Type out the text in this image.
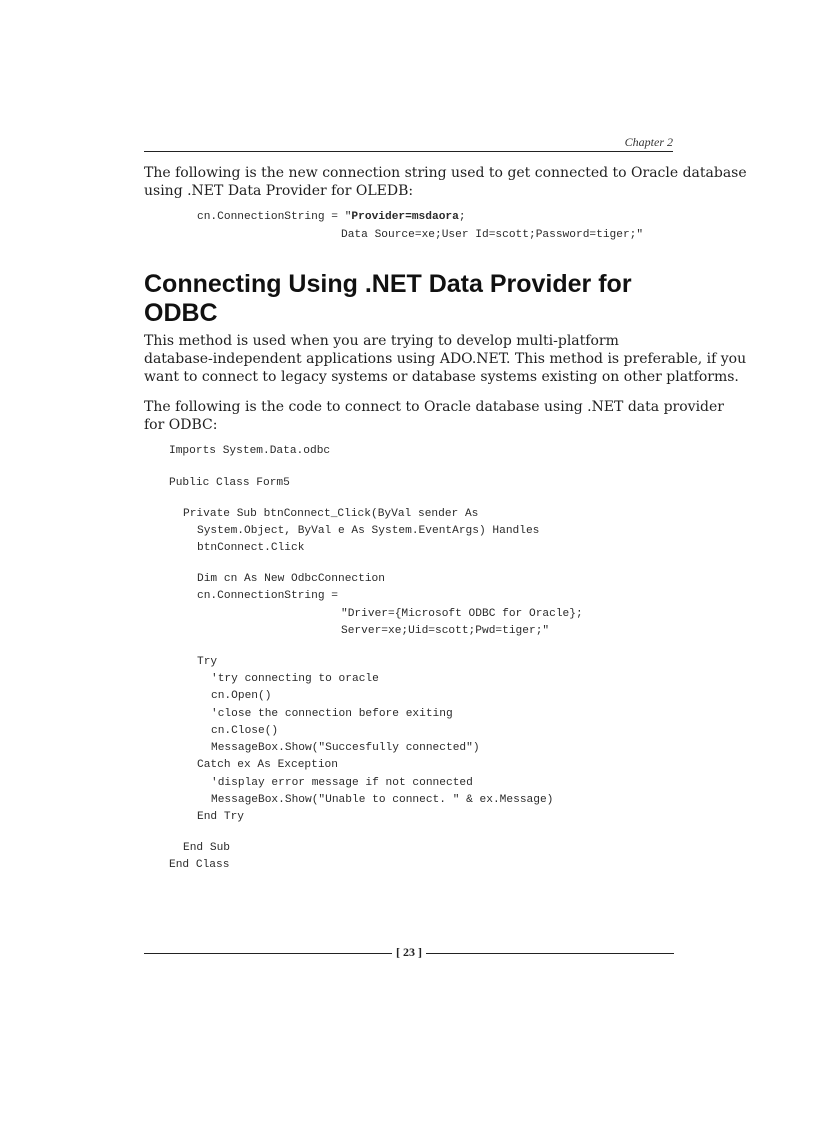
Chapter 2

The following is the new connection string used to get connected to Oracle database
using .NET Data Provider for OLEDB:

cn.ConnectionString = "Provider=msdaora;
Data Source=xe;User Id=scott;Password=tiger;"
Connecting Using .NET Data Provider for
ODBC

This method is used when you are trying to develop multi-platform
database-independent applications using ADO.NET. This method is preferable, if you
want to connect to legacy systems or database systems existing on other platforms.

The following is the code to connect to Oracle database using .NET data provider
for ODBC:

Imports System.Data.odbc
Public Class Form5
Private Sub btnConnect_Click(ByVal sender As
System.Object, ByVal e As System.EventArgs) Handles
btnConnect.Click
Dim cn As New OdbcConnection
cn.ConnectionString =
"Driver={Microsoft ODBC for Oracle};
Server=xe;Uid=scott;Pwd=tiger;"
Try
'try connecting to oracle
cn.Open()
'close the connection before exiting
cn.Close()
MessageBox.Show("Succesfully connected")
Catch ex As Exception
'display error message if not connected
MessageBox.Show("Unable to connect. " & ex.Message)
End Try
End Sub
End Class
[ 23 ]
